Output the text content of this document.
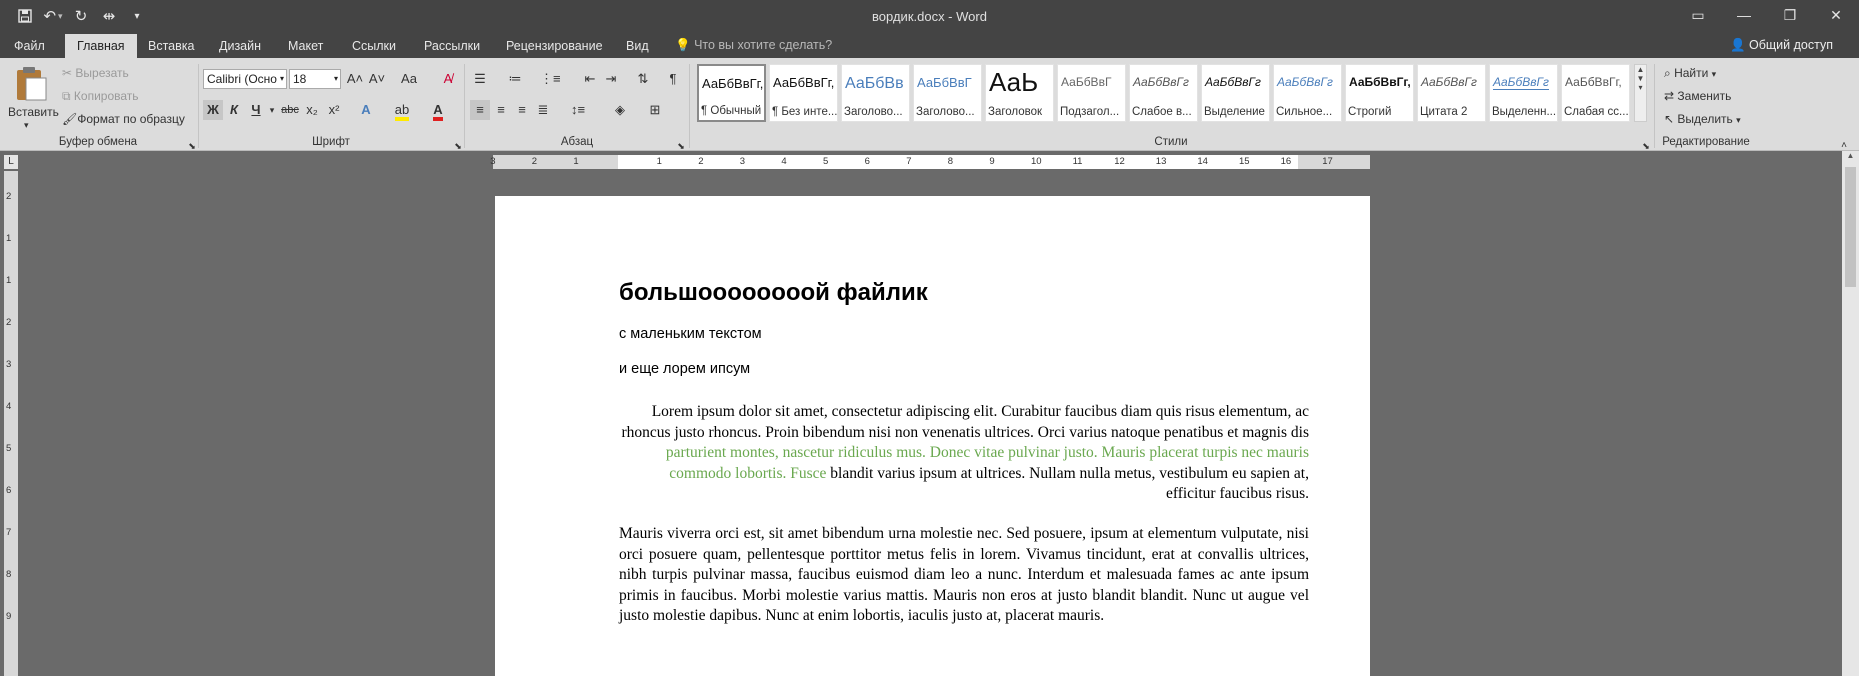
↶ ▾ ↻	⇹	▾	вордик.docx - Word	▭	—	❐	✕
Файл	Главная	Вставка Дизайн Макет Ссылки Рассылки Рецензирование Вид 💡 Что вы хотите сделать?	👤 Общий доступ
Вставить
▾
✂ Вырезать
⧉ Копировать
🖌Формат по образцу
Буфер обмена	⬊
Calibri (Осно ▾ 18	▾ A˄ A˅	Aa	A̸
Ж К	Ч	▾ abc x₂ x²	A	ab	A
Шрифт	⬊
☰	≔ ⋮≡	⇤ ⇥	⇅	¶
≡	≡	≡ ≣	↕≡	◈	⊞
Абзац	⬊
АаБбВвГг,
¶ Обычный
АаБбВвГг,
¶ Без инте...
АаБбВв
Заголово...
АаБбВвГ
Заголово...
АаЬ
Заголовок
АаБбВвГ
Подзагол...
АаБбВвГг
Слабое в...
АаБбВвГг
Выделение
АаБбВвГг
Сильное...
АаБбВвГг,
Строгий
АаБбВвГг
Цитата 2
АаБбВвГг
Выделенн...
АаБбВвГг,
Слабая сс...
▲
▼
▾
Стили	⬊
⌕ Найти ▾
⇄ Заменить
↖ Выделить ▾
Редактирование	˄
L	3	2	1	1	2	3	4	5	6	7	8	9	10	11	12	13	14	15	16	17
2
1
1
2
3
4
5
6
7
8
9
▲
большоооооооой файлик
с маленьким текстом
и еще лорем ипсум
Lorem ipsum dolor sit amet, consectetur adipiscing elit. Curabitur faucibus diam quis risus elementum, ac rhoncus justo rhoncus. Proin bibendum nisi non venenatis ultrices. Orci varius natoque penatibus et magnis dis parturient montes, nascetur ridiculus mus. Donec vitae pulvinar justo. Mauris placerat turpis nec mauris commodo lobortis. Fusce blandit varius ipsum at ultrices. Nullam nulla metus, vestibulum eu sapien at, efficitur faucibus risus.
Mauris viverra orci est, sit amet bibendum urna molestie nec. Sed posuere, ipsum at elementum vulputate, nisi orci posuere quam, pellentesque porttitor metus felis in lorem. Vivamus tincidunt, erat at convallis ultrices, nibh turpis pulvinar massa, faucibus euismod diam leo a nunc. Interdum et malesuada fames ac ante ipsum primis in faucibus. Morbi molestie varius mattis. Mauris non eros at justo blandit blandit. Nunc ut augue vel justo molestie dapibus. Nunc at enim lobortis, iaculis justo at, placerat mauris.
